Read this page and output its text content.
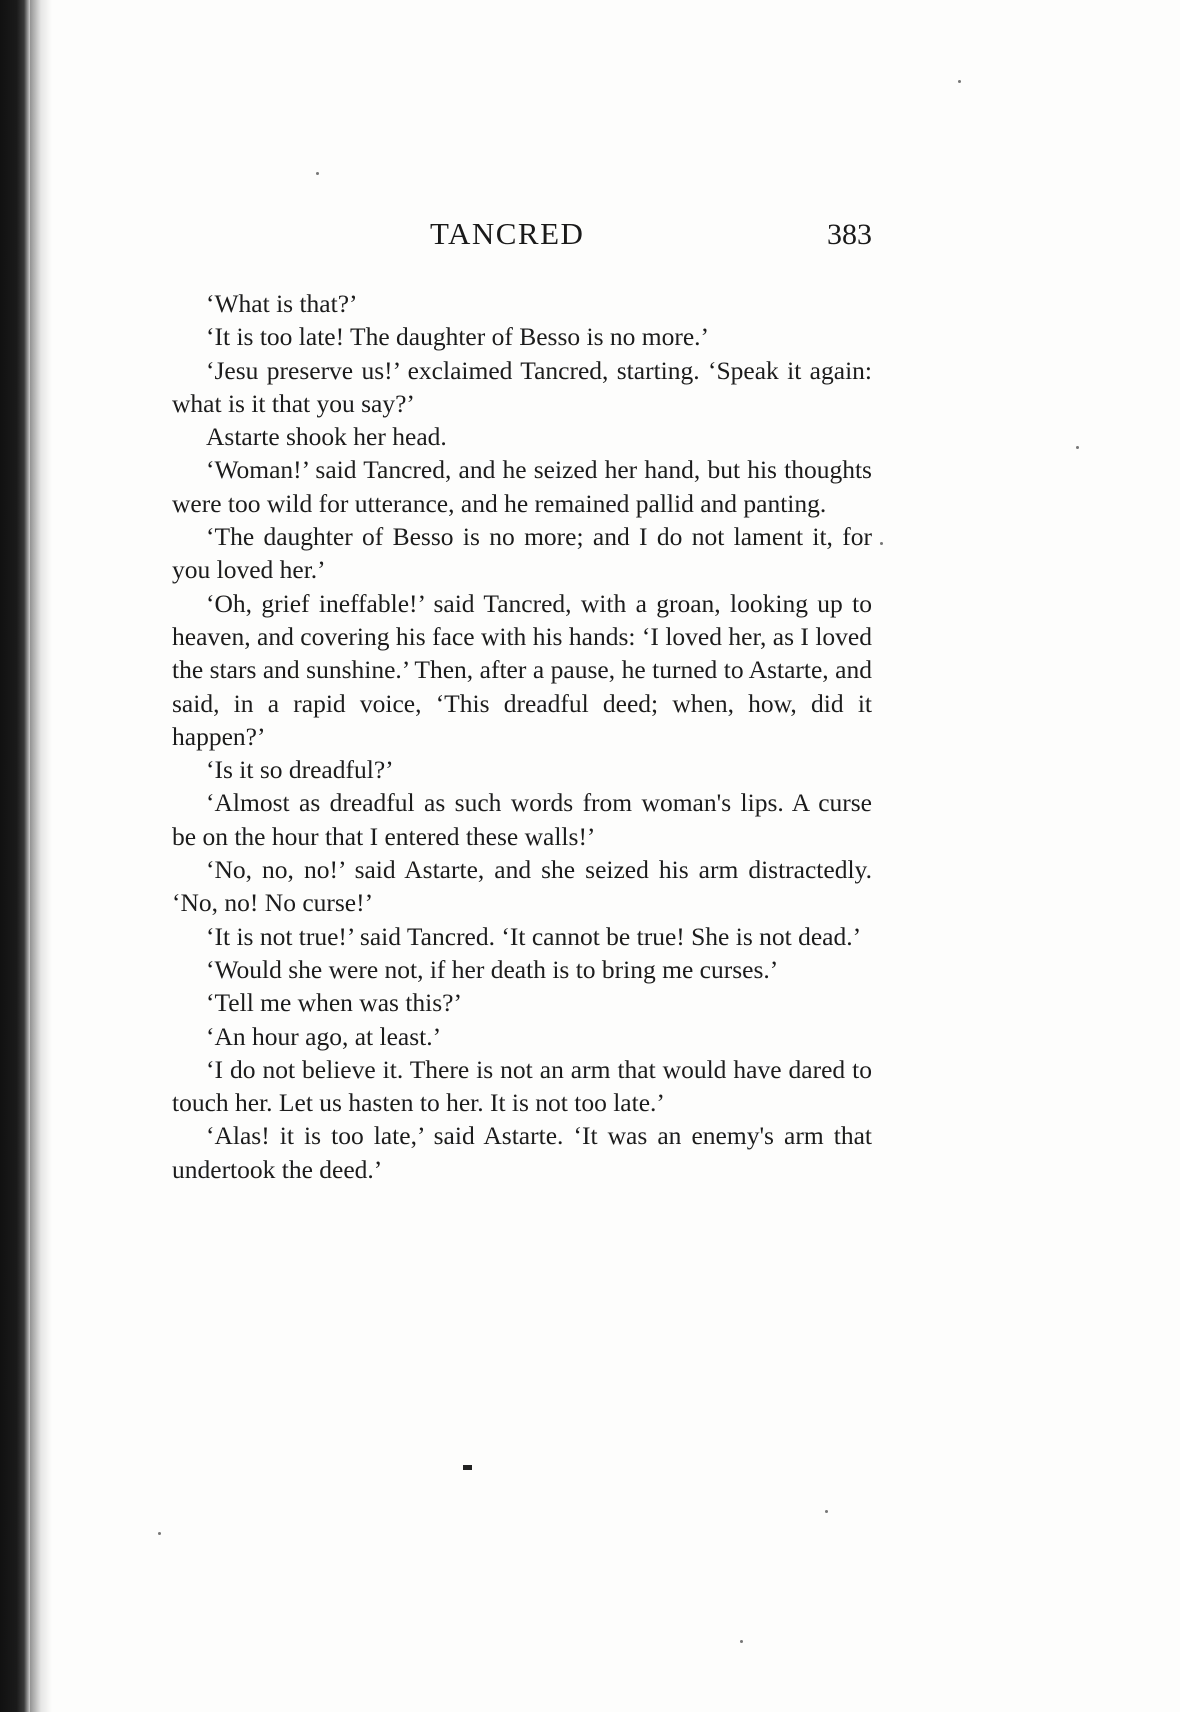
TANCRED	383

‘What is that?’

‘It is too late! The daughter of Besso is no more.’

‘Jesu preserve us!’ exclaimed Tancred, starting. ‘Speak it again: what is it that you say?’

Astarte shook her head.

‘Woman!’ said Tancred, and he seized her hand, but his thoughts were too wild for utterance, and he remained pallid and panting.

‘The daughter of Besso is no more; and I do not lament it, for you loved her.’

‘Oh, grief ineffable!’ said Tancred, with a groan, looking up to heaven, and covering his face with his hands: ‘I loved her, as I loved the stars and sunshine.’ Then, after a pause, he turned to Astarte, and said, in a rapid voice, ‘This dreadful deed; when, how, did it happen?’

‘Is it so dreadful?’

‘Almost as dreadful as such words from woman's lips. A curse be on the hour that I entered these walls!’

‘No, no, no!’ said Astarte, and she seized his arm distractedly. ‘No, no! No curse!’

‘It is not true!’ said Tancred. ‘It cannot be true! She is not dead.’

‘Would she were not, if her death is to bring me curses.’

‘Tell me when was this?’

‘An hour ago, at least.’

‘I do not believe it. There is not an arm that would have dared to touch her. Let us hasten to her. It is not too late.’

‘Alas! it is too late,’ said Astarte. ‘It was an enemy's arm that undertook the deed.’
